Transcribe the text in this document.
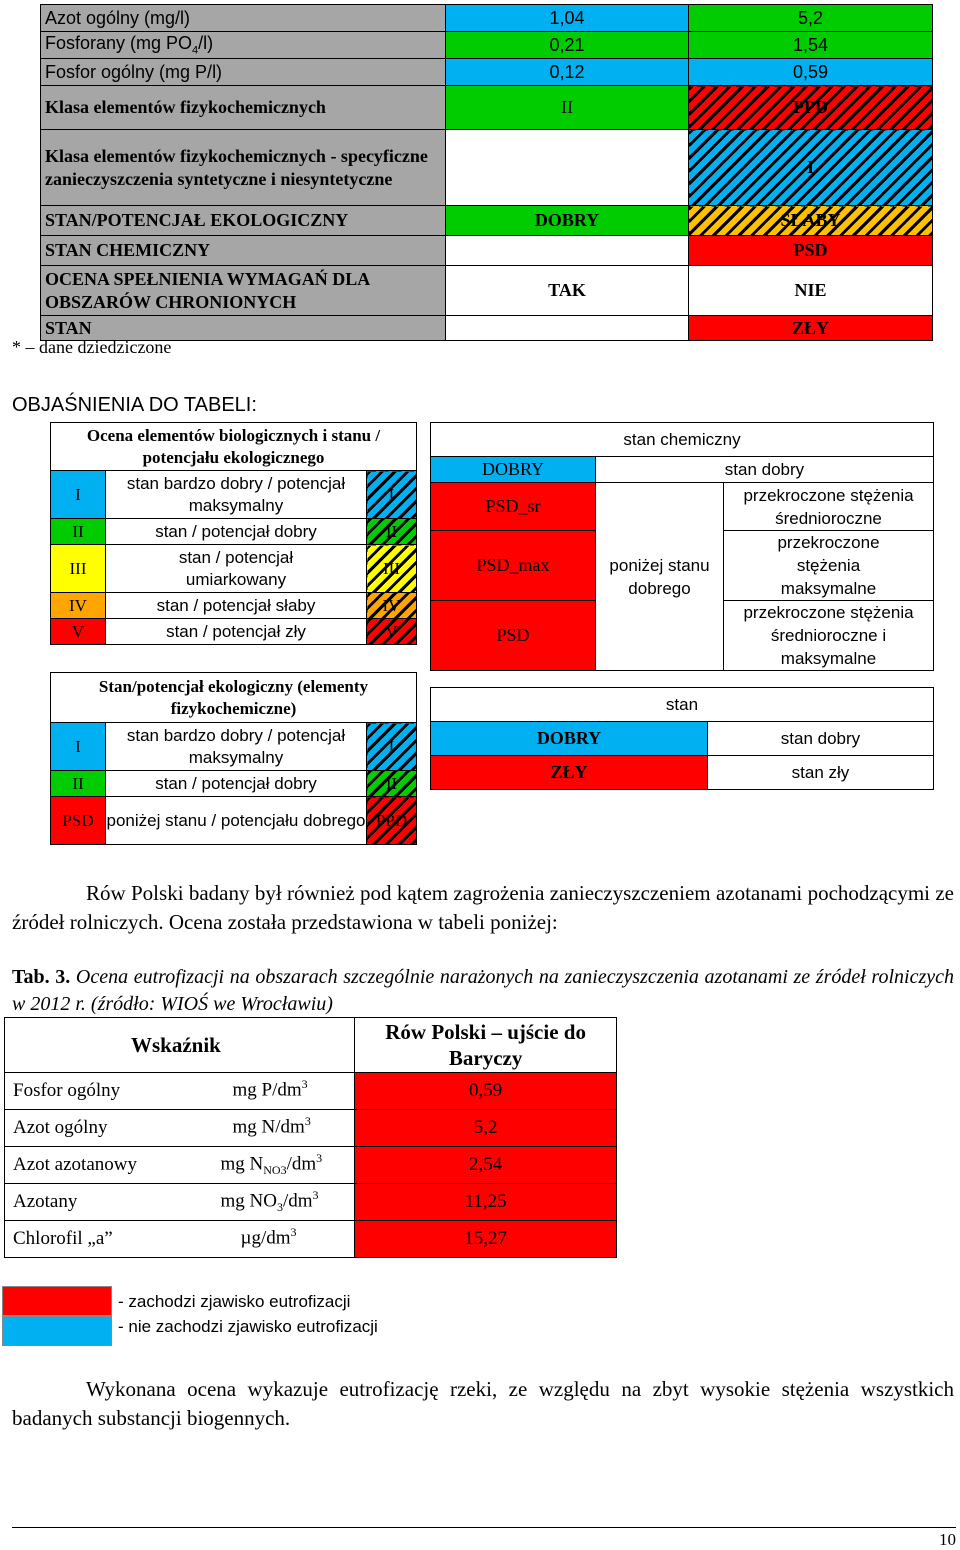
Azot ogólny (mg/l)	1,04	5,2
Fosforany (mg $PO_4/l$)	0,21	1,54
Fosfor ogólny (mg P/l)	0,12	0,59
Klasa elementów fizykochemicznych	II	PPD
Klasa elementów fizykochemicznych - specyficzne zanieczyszczenia syntetyczne i niesyntetyczne		I
STAN/POTENCJAŁ EKOLOGICZNY	DOBRY	SŁABY
STAN CHEMICZNY		PSD
OCENA SPEŁNIENIA WYMAGAŃ DLA OBSZARÓW CHRONIONYCH	TAK	NIE
STAN		ZŁY
* – dane dziedziczone
OBJAŚNIENIA DO TABELI:
Ocena elementów biologicznych i stanu / potencjału ekologicznego		
I	stan bardzo dobry / potencjał maksymalny	I
II	stan / potencjał dobry	II
III	stan / potencjał umiarkowany	III
IV	stan / potencjał słaby	IV
V	stan / potencjał zły	V
Stan/potencjał ekologiczny (elementy fizykochemiczne)		
I	stan bardzo dobry / potencjał maksymalny	I
II	stan / potencjał dobry	II
PSD	poniżej stanu / potencjału dobrego	PPD
stan chemiczny		
DOBRY	stan dobry	
PSD_sr	poniżej stanu dobrego	przekroczone stężenia średnioroczne
PSD_max		przekroczone stężenia maksymalne
PSD		przekroczone stężenia średnioroczne i maksymalne
stan	
DOBRY	stan dobry
ZŁY	stan zły

Rów Polski badany był również pod kątem zagrożenia zanieczyszczeniem azotanami pochodzącymi ze źródeł rolniczych. Ocena została przedstawiona w tabeli poniżej:

Tab. 3. Ocena eutrofizacji na obszarach szczególnie narażonych na zanieczyszczenia azotanami ze źródeł rolniczych w 2012 r. (źródło: WIOŚ we Wrocławiu)

Wskaźnik		Rów Polski – ujście do Baryczy
Fosfor ogólny	mg $P/dm^3$	0,59
Azot ogólny	mg $N/dm^3$	5,2
Azot azotanowy	mg $N_{NO3}/dm^3$	2,54
Azotany	mg $NO_3/dm^3$	11,25
Chlorofil „a”	$\mu g/dm^3$	15,27
- zachodzi zjawisko eutrofizacji
- nie zachodzi zjawisko eutrofizacji

Wykonana ocena wykazuje eutrofizację rzeki, ze względu na zbyt wysokie stężenia wszystkich badanych substancji biogennych.

10
